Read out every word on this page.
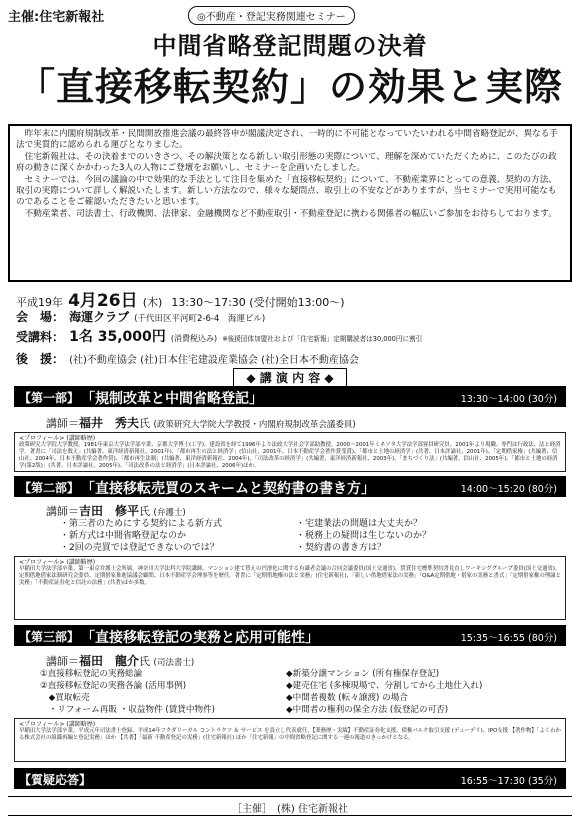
主催:住宅新報社	◎不動産・登記実務関連セミナー
中間省略登記問題の決着
「直接移転契約」の効果と実際

　昨年末に内閣府規制改革・民間開放推進会議の最終答申が閣議決定され、一時的に不可能となっていたいわれる中間省略登記が、異なる手法で実質的に認められる運びとなりました。

　住宅新報社は、その決着までのいきさつ、その解決策となる新しい取引形態の実際について、理解を深めていただくために、このたびの政府の動きに深くかかわった3人の人物にご登壇をお願いし、セミナーを企画いたしました。

　セミナーでは、今回の議論の中で効果的な手法として注目を集めた「直接移転契約」について、不動産業界にとっての意義、契約の方法、取引の実際について詳しく解説いたします。新しい方法なので、様々な疑問点、取引上の不安などがありますが、当セミナーで実用可能なものであることをご確認いただきたいと思います。

　不動産業者、司法書士、行政機関、法律家、金融機関など不動産取引・不動産登記に携わる関係者の幅広いご参加をお待ちしております。

平成19年 4月26日 (木) 13:30～17:30 (受付開始13:00～)
会　場： 海運クラブ (千代田区平河町2-6-4　海運ビル)
受講料： 1名 35,000円 (消費税込み) ※後援団体加盟社および「住宅新報」定期購読者は30,000円に割引
後　援： (社)不動産協会 (社)日本住宅建設産業協会 (社)全日本不動産協会
◆ 講 演 内 容 ◆
【第一部】 「規制改革と中間省略登記」	13:30～14:00 (30分)
講師＝福井　秀夫氏 (政策研究大学院大学教授・内閣府規制改革会議委員)
<プロフィール> (講師略歴)
政策研究大学院大学教授。1981年東京大学法学部卒業、京都大学博士(工学)。建設省を経て1996年より法政大学社会学部助教授。2000～2001年ミネソタ大学法学部客員研究員。2001年より現職。専門は行政法、法と経済学。著書に「司法を救え」(共編著、東洋経済新報社、2001年)、「都市再生の法と経済学」(信山社、2001年、日本不動産学会著作賞受賞)、「都市と土地の経済学」(共著、日本評論社、2001年)、「定期借家権」(共編著、信山社、2004年、日本不動産学会著作賞)、「都市再生法制」(共編著、東洋経済新報社、2004年)、「司法改革の経済学」(共編著、東洋経済新報社、2003年)、「まちづくり法」(共編著、信山社、2005年)、「都市と土地の経済学(第2版)」(共著、日本評論社、2005年)、「司法改革の法と経済学」(日本評論社、2006年)ほか。
【第二部】 「直接移転売買のスキームと契約書の書き方」	14:00～15:20 (80分)
講師＝吉田　修平氏 (弁護士)
・第三者のためにする契約による新方式
・新方式は中間省略登記なのか
・2回の売買では登記できないのでは？
・宅建業法の問題は大丈夫か？
・税務上の疑問は生じないのか？
・契約書の書き方は？
<プロフィール> (講師略歴)
早稲田大学法学部卒業。第一東京弁護士会所属。神奈川大学法科大学院講師。マンション建て替えの円滑化に関する有識者会議の合同会議委員(国土交通省)、賃貸住宅標準契約書見直しワーキンググループ委員(国土交通省)、定期借地借家法制研究会委員、定期借家推進協議会顧問、日本不動産学会理事等を歴任。著書に「定期借地権の法と実務」(住宅新報社)、「新しい借地借家法の実務」「Q&A定期借地・借家の実務と書式」「定期借家権の理論と実務」「不動産証券化と信託の法務」(共著)ほか多数。
【第三部】 「直接移転登記の実務と応用可能性」	15:35～16:55 (80分)
講師＝福田　龍介氏 (司法書士)
①直接移転登記の実務総論
②直接移転登記の実務各論 (活用事例)
　◆買取転売
　・リフォーム再販 ・収益物件 (賃貸中物件)
◆新築分譲マンション (所有権保存登記)
◆建売住宅 (多棟現場で、分割してから土地仕入れ)
◆中間者複数 (転々譲渡) の場合
◆中間者の権利の保全方法 (仮登記の可否)
<プロフィール> (講師略歴)
早稲田大学法学部卒業。平成元年司法書士登録、平成14年フクダリーガル コントラクツ ＆ サービス を設立し代表就任。【業務歴・実績】不動産証券化支援、債権バルク取引支援 (デューデリ)、IPO支援 【著作物】「よくわかる株式会社の組織再編と登記実務」ほか 【共著】「最新 不動産登記の実務」(住宅新報社) ほか「住宅新報」の中間省略登記に関する一連の報道のきっかけとなる。
【質疑応答】	16:55～17:30 (35分)
［主催］　(株) 住宅新報社
